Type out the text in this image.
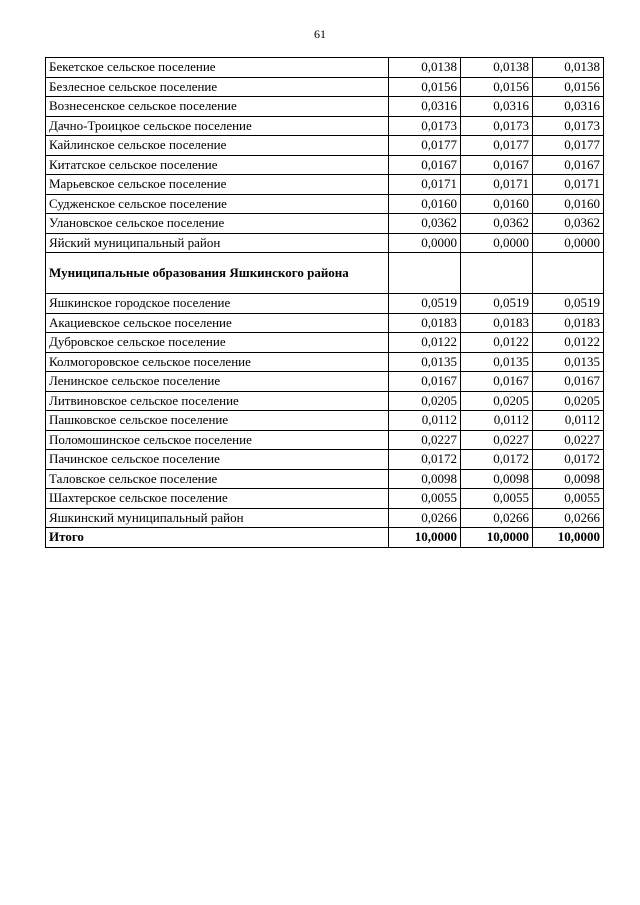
61
Бекетское сельское поселение	0,0138	0,0138	0,0138
Безлесное сельское поселение	0,0156	0,0156	0,0156
Вознесенское сельское поселение	0,0316	0,0316	0,0316
Дачно-Троицкое сельское поселение	0,0173	0,0173	0,0173
Кайлинское сельское поселение	0,0177	0,0177	0,0177
Китатское сельское поселение	0,0167	0,0167	0,0167
Марьевское сельское поселение	0,0171	0,0171	0,0171
Судженское сельское поселение	0,0160	0,0160	0,0160
Улановское сельское поселение	0,0362	0,0362	0,0362
Яйский муниципальный район	0,0000	0,0000	0,0000
Муниципальные образования Яшкинского района			
Яшкинское городское поселение	0,0519	0,0519	0,0519
Акациевское сельское поселение	0,0183	0,0183	0,0183
Дубровское сельское поселение	0,0122	0,0122	0,0122
Колмогоровское сельское поселение	0,0135	0,0135	0,0135
Ленинское сельское поселение	0,0167	0,0167	0,0167
Литвиновское сельское поселение	0,0205	0,0205	0,0205
Пашковское сельское поселение	0,0112	0,0112	0,0112
Поломошинское сельское поселение	0,0227	0,0227	0,0227
Пачинское сельское поселение	0,0172	0,0172	0,0172
Таловское сельское поселение	0,0098	0,0098	0,0098
Шахтерское сельское поселение	0,0055	0,0055	0,0055
Яшкинский муниципальный район	0,0266	0,0266	0,0266
Итого	10,0000	10,0000	10,0000
